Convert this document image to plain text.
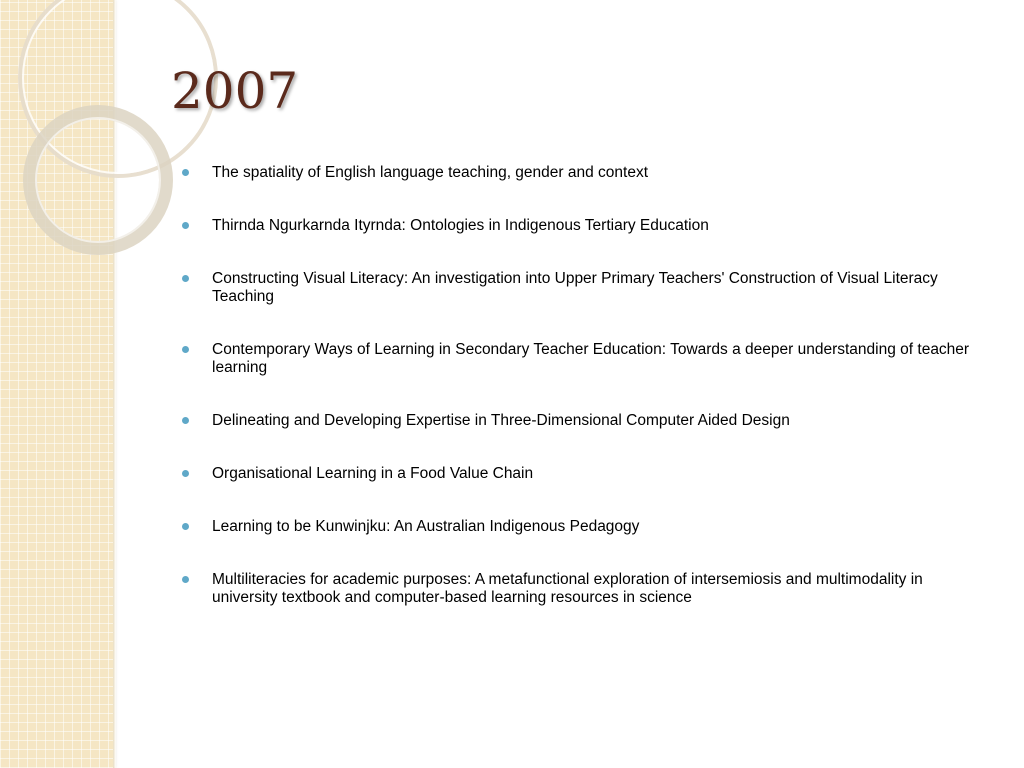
2007
The spatiality of English language teaching, gender and context
Thirnda Ngurkarnda Ityrnda: Ontologies in Indigenous Tertiary Education
Constructing Visual Literacy: An investigation into Upper Primary Teachers' Construction of Visual Literacy Teaching
Contemporary Ways of Learning in Secondary Teacher Education: Towards a deeper understanding of teacher learning
Delineating and Developing Expertise in Three-Dimensional Computer Aided Design
Organisational Learning in a Food Value Chain
Learning to be Kunwinjku: An Australian Indigenous Pedagogy
Multiliteracies for academic purposes: A metafunctional exploration of intersemiosis and multimodality in university textbook and computer-based learning resources in science
